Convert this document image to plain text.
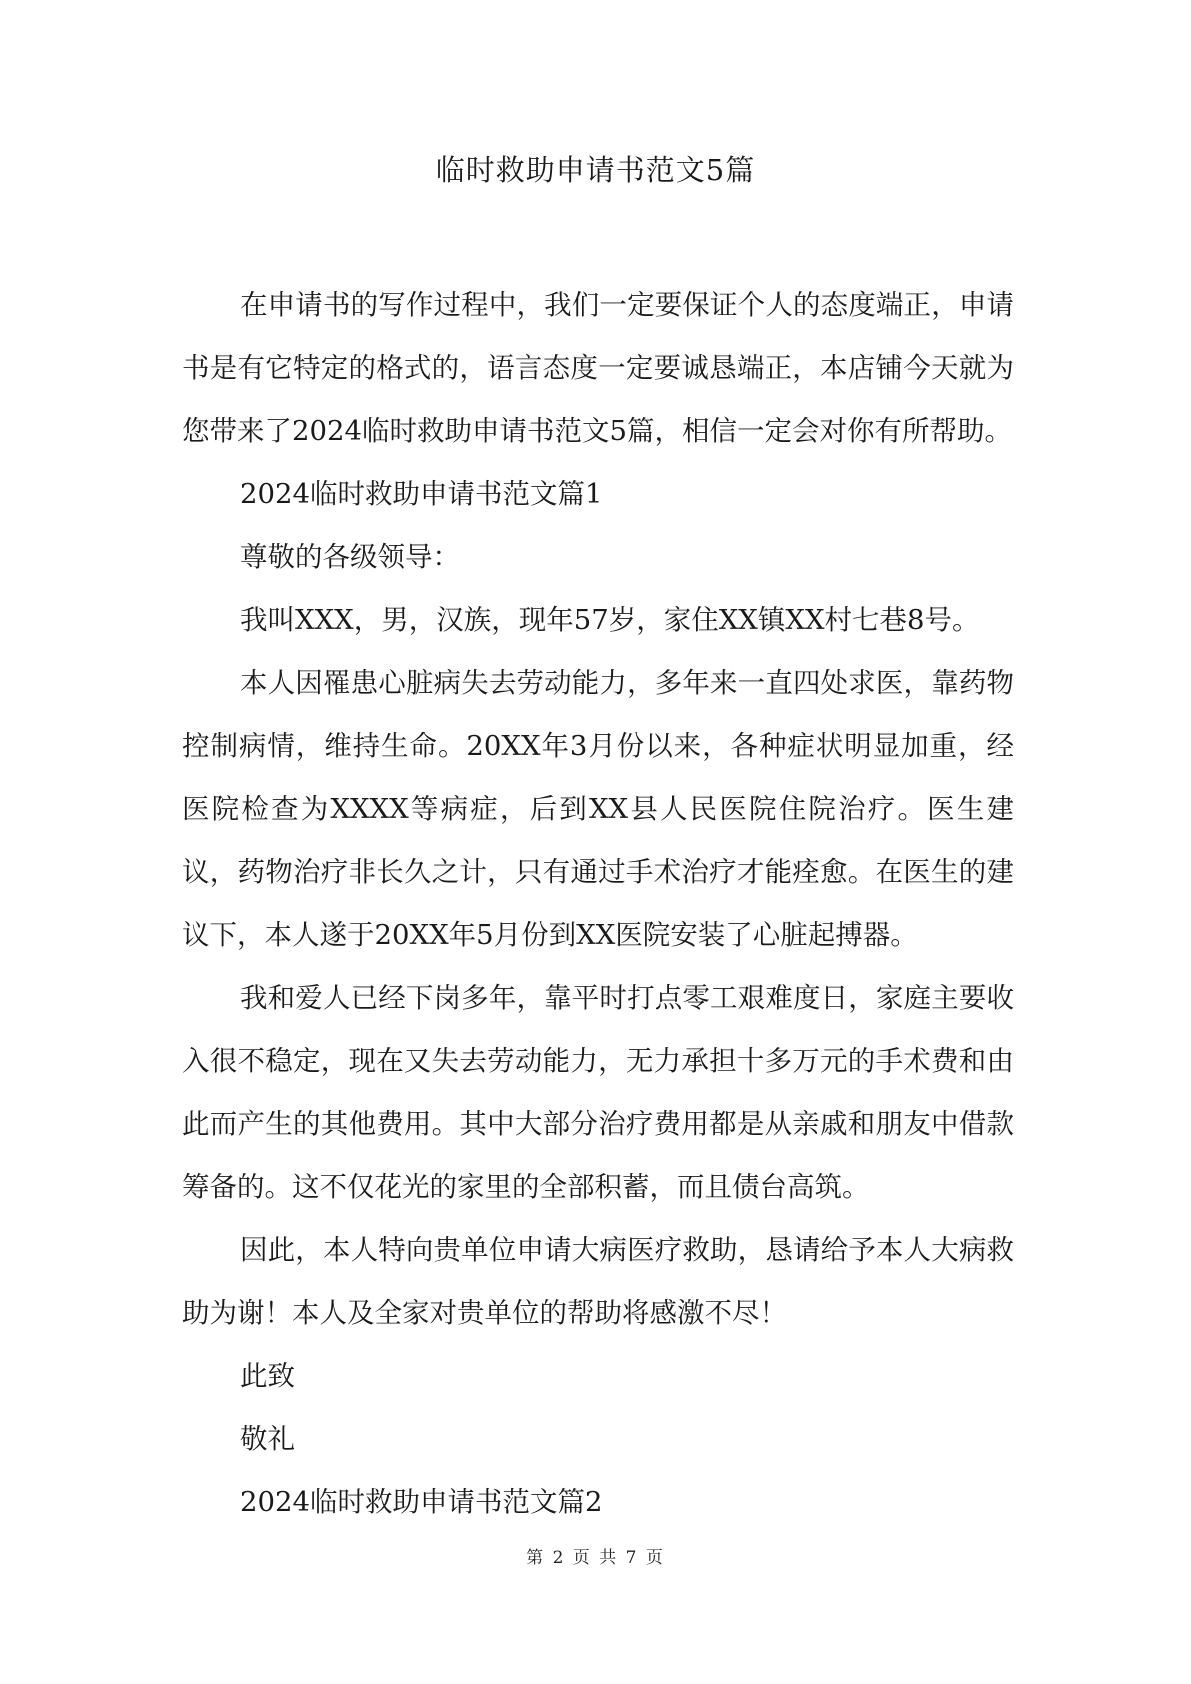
临时救助申请书范文5篇

在申请书的写作过程中，我们一定要保证个人的态度端正，申请书是有它特定的格式的，语言态度一定要诚恳端正，本店铺今天就为您带来了2024临时救助申请书范文5篇，相信一定会对你有所帮助。

2024临时救助申请书范文篇1

尊敬的各级领导：

我叫XXX，男，汉族，现年57岁，家住XX镇XX村七巷8号。

本人因罹患心脏病失去劳动能力，多年来一直四处求医，靠药物控制病情，维持生命。20XX年3月份以来，各种症状明显加重，经医院检查为XXXX等病症，后到XX县人民医院住院治疗。医生建议，药物治疗非长久之计，只有通过手术治疗才能痊愈。在医生的建议下，本人遂于20XX年5月份到XX医院安装了心脏起搏器。

我和爱人已经下岗多年，靠平时打点零工艰难度日，家庭主要收入很不稳定，现在又失去劳动能力，无力承担十多万元的手术费和由此而产生的其他费用。其中大部分治疗费用都是从亲戚和朋友中借款筹备的。这不仅花光的家里的全部积蓄，而且债台高筑。

因此，本人特向贵单位申请大病医疗救助，恳请给予本人大病救助为谢！本人及全家对贵单位的帮助将感激不尽！

此致

敬礼

2024临时救助申请书范文篇2

第 2 页 共 7 页
